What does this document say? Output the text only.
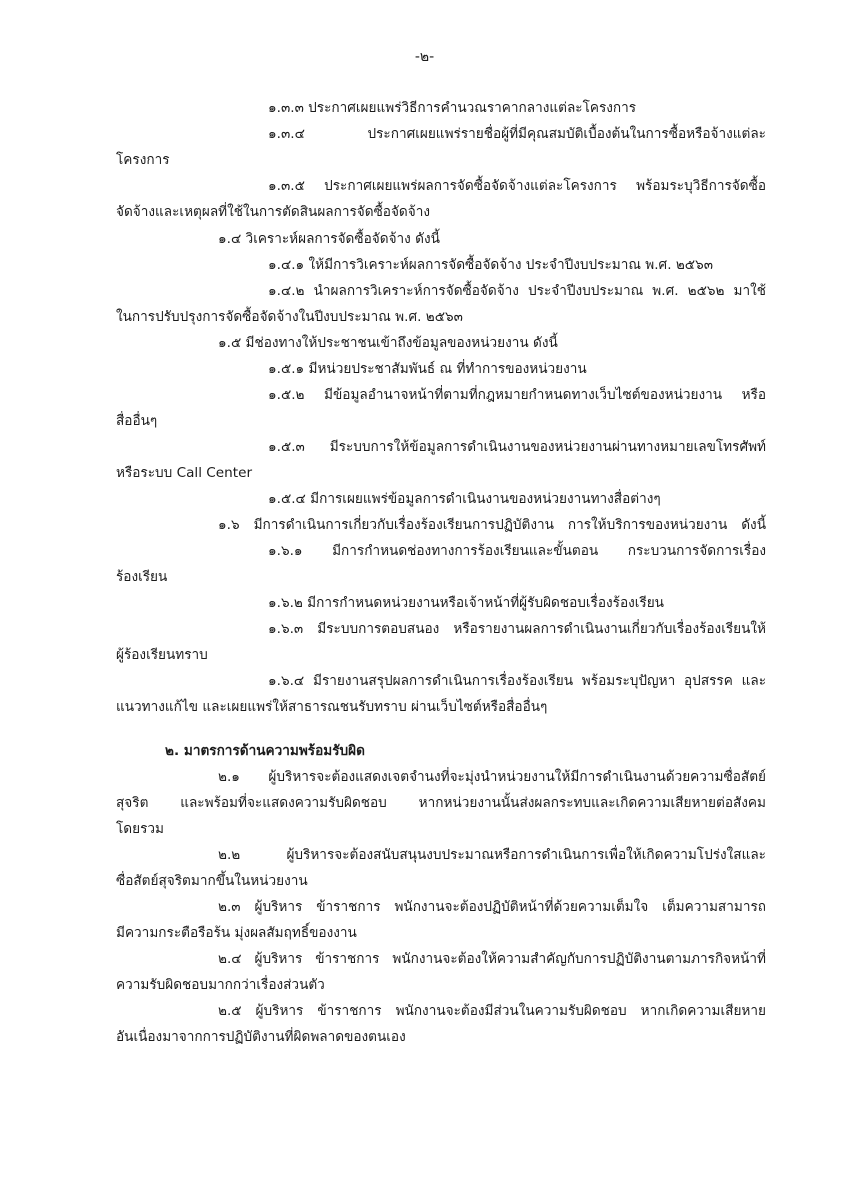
-๒-
๑.๓.๓ ประกาศเผยแพร่วิธีการคำนวณราคากลางแต่ละโครงการ
๑.๓.๔ ประกาศเผยแพร่รายชื่อผู้ที่มีคุณสมบัติเบื้องต้นในการซื้อหรือจ้างแต่ละ
โครงการ
๑.๓.๕ ประกาศเผยแพร่ผลการจัดซื้อจัดจ้างแต่ละโครงการ พร้อมระบุวิธีการจัดซื้อ
จัดจ้างและเหตุผลที่ใช้ในการตัดสินผลการจัดซื้อจัดจ้าง
๑.๔ วิเคราะห์ผลการจัดซื้อจัดจ้าง ดังนี้
๑.๔.๑ ให้มีการวิเคราะห์ผลการจัดซื้อจัดจ้าง ประจำปีงบประมาณ พ.ศ. ๒๕๖๓
๑.๔.๒ นำผลการวิเคราะห์การจัดซื้อจัดจ้าง ประจำปีงบประมาณ พ.ศ. ๒๕๖๒ มาใช้
ในการปรับปรุงการจัดซื้อจัดจ้างในปีงบประมาณ พ.ศ. ๒๕๖๓
๑.๕ มีช่องทางให้ประชาชนเข้าถึงข้อมูลของหน่วยงาน ดังนี้
๑.๕.๑ มีหน่วยประชาสัมพันธ์ ณ ที่ทำการของหน่วยงาน
๑.๕.๒ มีข้อมูลอำนาจหน้าที่ตามที่กฎหมายกำหนดทางเว็บไซต์ของหน่วยงาน หรือ
สื่ออื่นๆ
๑.๕.๓ มีระบบการให้ข้อมูลการดำเนินงานของหน่วยงานผ่านทางหมายเลขโทรศัพท์
หรือระบบ Call Center
๑.๕.๔ มีการเผยแพร่ข้อมูลการดำเนินงานของหน่วยงานทางสื่อต่างๆ
๑.๖ มีการดำเนินการเกี่ยวกับเรื่องร้องเรียนการปฏิบัติงาน การให้บริการของหน่วยงาน ดังนี้
๑.๖.๑ มีการกำหนดช่องทางการร้องเรียนและขั้นตอน กระบวนการจัดการเรื่อง
ร้องเรียน
๑.๖.๒ มีการกำหนดหน่วยงานหรือเจ้าหน้าที่ผู้รับผิดชอบเรื่องร้องเรียน
๑.๖.๓ มีระบบการตอบสนอง หรือรายงานผลการดำเนินงานเกี่ยวกับเรื่องร้องเรียนให้
ผู้ร้องเรียนทราบ
๑.๖.๔ มีรายงานสรุปผลการดำเนินการเรื่องร้องเรียน พร้อมระบุปัญหา อุปสรรค และ
แนวทางแก้ไข และเผยแพร่ให้สาธารณชนรับทราบ ผ่านเว็บไซต์หรือสื่ออื่นๆ
๒. มาตรการด้านความพร้อมรับผิด
๒.๑ ผู้บริหารจะต้องแสดงเจตจำนงที่จะมุ่งนำหน่วยงานให้มีการดำเนินงานด้วยความซื่อสัตย์
สุจริต และพร้อมที่จะแสดงความรับผิดชอบ หากหน่วยงานนั้นส่งผลกระทบและเกิดความเสียหายต่อสังคม
โดยรวม
๒.๒ ผู้บริหารจะต้องสนับสนุนงบประมาณหรือการดำเนินการเพื่อให้เกิดความโปร่งใสและ
ซื่อสัตย์สุจริตมากขึ้นในหน่วยงาน
๒.๓ ผู้บริหาร ข้าราชการ พนักงานจะต้องปฏิบัติหน้าที่ด้วยความเต็มใจ เต็มความสามารถ
มีความกระตือรือร้น มุ่งผลสัมฤทธิ์ของงาน
๒.๔ ผู้บริหาร ข้าราชการ พนักงานจะต้องให้ความสำคัญกับการปฏิบัติงานตามภารกิจหน้าที่
ความรับผิดชอบมากกว่าเรื่องส่วนตัว
๒.๕ ผู้บริหาร ข้าราชการ พนักงานจะต้องมีส่วนในความรับผิดชอบ หากเกิดความเสียหาย
อันเนื่องมาจากการปฏิบัติงานที่ผิดพลาดของตนเอง
